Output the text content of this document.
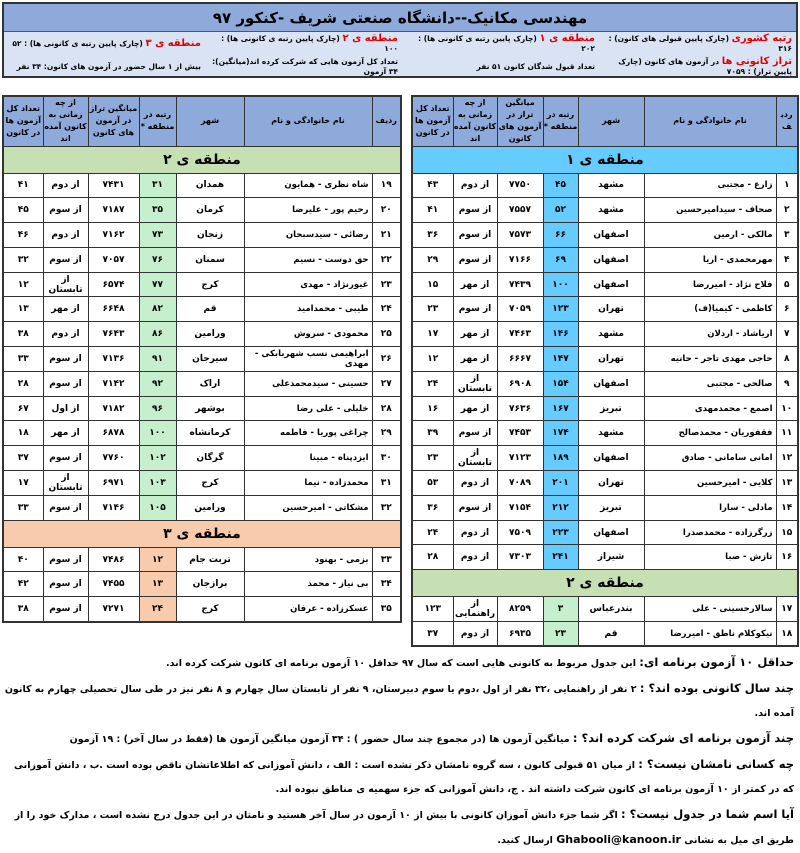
مهندسی مکانیک--دانشگاه صنعتی شریف -کنکور ۹۷
رتبه کشوری (چارک پایین قبولی های کانون) : ۳۱۶
منطقه ی ۱ (چارک پایین رتبه ی کانونی ها) : ۲۰۲
منطقه ی ۲ (چارک پایین رتبه ی کانونی ها) : ۱۰۰
منطقه ی ۳ (چارک پایین رتبه ی کانونی ها) : ۵۲
تراز کانونی ها در آزمون های کانون (چارک پایین تراز) : ۷۰۵۹
تعداد قبول شدگان کانون ۵۱ نفر
تعداد کل آزمون هایی که شرکت کرده اند(میانگین): ۳۴ آزمون
بیش از ۱ سال حضور در آزمون های کانون: ۳۴ نفر
ردیف	نام خانوادگی و نام	شهر	رتبه در منطقه *	میانگین تراز در آزمون های کانون	از چه زمانی به کانون آمده اند	تعداد کل آزمون ها در کانون
منطقه ی ۱						
۱	زارع - مجتبی	مشهد	۴۵	۷۷۵۰	از دوم	۴۳
۲	صحاف - سیدامیرحسین	مشهد	۵۲	۷۵۵۷	از سوم	۴۱
۳	مالکی - ارمین	اصفهان	۶۶	۷۵۷۳	از سوم	۳۶
۴	مهرمحمدی - اریا	اصفهان	۶۹	۷۱۶۶	از سوم	۲۹
۵	فلاح نژاد - امیررضا	اصفهان	۱۰۰	۷۴۳۹	از مهر	۱۵
۶	کاظمی - کیمیا(ف)	تهران	۱۲۳	۷۰۵۹	از سوم	۲۳
۷	اریاشاد - اردلان	مشهد	۱۴۶	۷۴۶۳	از مهر	۱۷
۸	حاجی مهدی تاجر - حانیه	تهران	۱۴۷	۶۶۶۷	از مهر	۱۲
۹	صالحی - مجتبی	اصفهان	۱۵۴	۶۹۰۸	از تابستان	۲۴
۱۰	اصمع - محمدمهدی	تبریز	۱۶۷	۷۶۳۶	از مهر	۱۶
۱۱	فقفوریان - محمدصالح	مشهد	۱۷۴	۷۴۵۳	از سوم	۳۹
۱۲	امانی سامانی - صادق	اصفهان	۱۸۹	۷۱۲۳	از تابستان	۲۳
۱۳	کلایی - امیرحسین	تهران	۲۰۱	۷۰۸۹	از دوم	۵۳
۱۴	مادلی - سارا	تبریز	۲۱۲	۷۱۵۴	از سوم	۳۶
۱۵	زرگرزاده - محمدصدرا	اصفهان	۲۲۳	۷۵۰۹	از دوم	۲۴
۱۶	تازش - صبا	شیراز	۲۴۱	۷۳۰۳	از دوم	۲۸
منطقه ی ۲						
۱۷	سالارحسینی - علی	بندرعباس	۳	۸۲۵۹	از راهنمایی	۱۲۳
۱۸	نیکوکلام ناطق - امیررضا	قم	۲۳	۶۹۳۵	از دوم	۳۷
ردیف	نام خانوادگی و نام	شهر	رتبه در منطقه *	میانگین تراز در آزمون های کانون	از چه زمانی به کانون آمده اند	تعداد کل آزمون ها در کانون
منطقه ی ۲						
۱۹	شاه نظری - همایون	همدان	۳۱	۷۴۳۱	از دوم	۴۱
۲۰	رحیم پور - علیرضا	کرمان	۳۵	۷۱۸۷	از سوم	۴۵
۲۱	رضائی - سیدسبحان	زنجان	۷۳	۷۱۶۲	از دوم	۴۶
۲۲	حق دوست - نسیم	سمنان	۷۶	۷۰۵۷	از سوم	۳۲
۲۳	غیورنژاد - مهدی	کرج	۷۷	۶۵۷۴	از تابستان	۱۲
۲۴	طیبی - محمدامید	قم	۸۲	۶۶۴۸	از مهر	۱۳
۲۵	محمودی - سروش	ورامین	۸۶	۷۶۴۳	از دوم	۳۸
۲۶	ابراهیمی نسب شهربابکی - مهدی	سیرجان	۹۱	۷۱۳۶	از سوم	۳۳
۲۷	حسینی - سیدمحمدعلی	اراک	۹۲	۷۱۴۲	از سوم	۲۸
۲۸	خلیلی - علی رضا	بوشهر	۹۶	۷۱۸۲	از اول	۶۷
۲۹	چراغی پوریا - فاطمه	کرمانشاه	۱۰۰	۶۸۷۸	از مهر	۱۸
۳۰	ایزدپناه - مبینا	گرگان	۱۰۲	۷۷۶۰	از سوم	۳۷
۳۱	محمدزاده - نیما	کرج	۱۰۳	۶۹۷۱	از تابستان	۱۷
۳۲	مشکاتی - امیرحسین	ورامین	۱۰۵	۷۱۴۶	از سوم	۳۳
منطقه ی ۳						
۳۳	بزمی - بهنود	تربت جام	۱۲	۷۴۸۶	از سوم	۴۰
۳۴	بی نیاز - محمد	برازجان	۱۳	۷۴۵۵	از سوم	۴۲
۳۵	عسکرزاده - عرفان	کرج	۲۴	۷۲۷۱	از سوم	۳۸

حداقل ۱۰ آزمون برنامه ای: این جدول مربوط به کانونی هایی است که سال ۹۷ حداقل ۱۰ آزمون برنامه ای کانون شرکت کرده اند.

چند سال کانونی بوده اند؟ : ۲ نفر از راهنمایی ،۳۲ نفر از اول ،دوم یا سوم دبیرستان، ۹ نفر از تابستان سال چهارم و ۸ نفر نیز در طی سال تحصیلی چهارم به کانون آمده اند.

چند آزمون برنامه ای شرکت کرده اند؟ : میانگین آزمون ها (در مجموع چند سال حضور ) : ۳۴ آزمون میانگین آزمون ها (فقط در سال آخر) : ۱۹ آزمون

چه کسانی نامشان نیست؟ : از میان ۵۱ قبولی کانون ، سه گروه نامشان ذکر نشده است : الف ، دانش آموزانی که اطلاعاتشان ناقص بوده است .ب ، دانش آموزانی که در کمتر از ۱۰ آزمون برنامه ای کانون شرکت داشته اند . ج، دانش آموزانی که جزء سهمیه ی مناطق نبوده اند.

آیا اسم شما در جدول نیست؟ : اگر شما جزء دانش آموزان کانونی با بیش از ۱۰ آزمون در سال آخر هستید و نامتان در این جدول درج نشده است ، مدارک خود را از طریق ای میل به نشانی Ghabooli@kanoon.ir ارسال کنید.
